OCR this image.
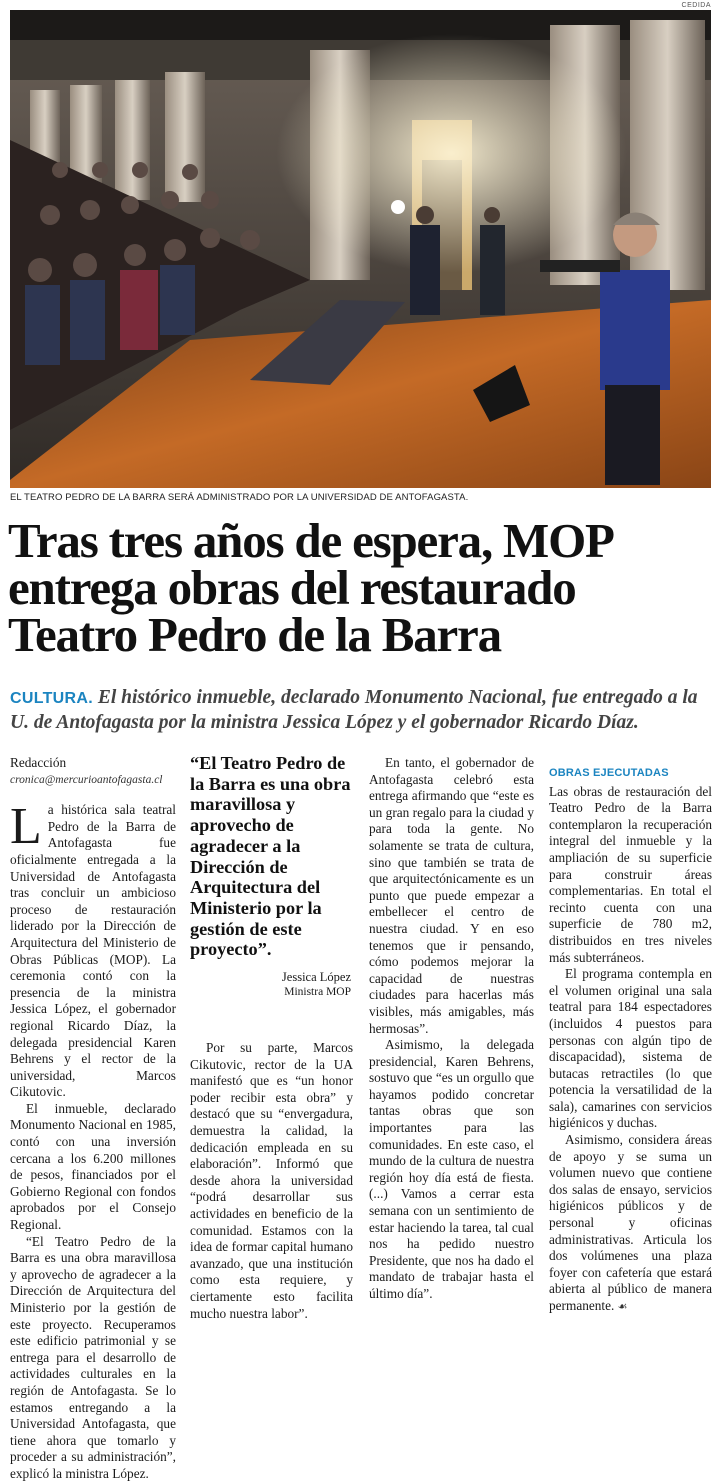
CEDIDA
EL TEATRO PEDRO DE LA BARRA SERÁ ADMINISTRADO POR LA UNIVERSIDAD DE ANTOFAGASTA.
Tras tres años de espera, MOP entrega obras del restaurado Teatro Pedro de la Barra
CULTURA. El histórico inmueble, declarado Monumento Nacional, fue entregado a la U. de Antofagasta por la ministra Jessica López y el gobernador Ricardo Díaz.
Redacción
cronica@mercurioantofagasta.cl

La histórica sala teatral Pedro de la Barra de Antofagasta fue oficialmente entregada a la Universidad de Antofagasta tras concluir un ambicioso proceso de restauración liderado por la Dirección de Arquitectura del Ministerio de Obras Públicas (MOP). La ceremonia contó con la presencia de la ministra Jessica López, el gobernador regional Ricardo Díaz, la delegada presidencial Karen Behrens y el rector de la universidad, Marcos Cikutovic.

El inmueble, declarado Monumento Nacional en 1985, contó con una inversión cercana a los 6.200 millones de pesos, financiados por el Gobierno Regional con fondos aprobados por el Consejo Regional.

“El Teatro Pedro de la Barra es una obra maravillosa y aprovecho de agradecer a la Dirección de Arquitectura del Ministerio por la gestión de este proyecto. Recuperamos este edificio patrimonial y se entrega para el desarrollo de actividades culturales en la región de Antofagasta. Se lo estamos entregando a la Universidad Antofagasta, que tiene ahora que tomarlo y proceder a su administración”, explicó la ministra López.

“El Teatro Pedro de la Barra es una obra maravillosa y aprovecho de agradecer a la Dirección de Arquitectura del Ministerio por la gestión de este proyecto”.
Jessica López
Ministra MOP

Por su parte, Marcos Cikutovic, rector de la UA manifestó que es “un honor poder recibir esta obra” y destacó que su “envergadura, demuestra la calidad, la dedicación empleada en su elaboración”. Informó que desde ahora la universidad “podrá desarrollar sus actividades en beneficio de la comunidad. Estamos con la idea de formar capital humano avanzado, que una institución como esta requiere, y ciertamente esto facilita mucho nuestra labor”.

En tanto, el gobernador de Antofagasta celebró esta entrega afirmando que “este es un gran regalo para la ciudad y para toda la gente. No solamente se trata de cultura, sino que también se trata de que arquitectónicamente es un punto que puede empezar a embellecer el centro de nuestra ciudad. Y en eso tenemos que ir pensando, cómo podemos mejorar la capacidad de nuestras ciudades para hacerlas más visibles, más amigables, más hermosas”.

Asimismo, la delegada presidencial, Karen Behrens, sostuvo que “es un orgullo que hayamos podido concretar tantas obras que son importantes para las comunidades. En este caso, el mundo de la cultura de nuestra región hoy día está de fiesta. (...) Vamos a cerrar esta semana con un sentimiento de estar haciendo la tarea, tal cual nos ha pedido nuestro Presidente, que nos ha dado el mandato de trabajar hasta el último día”.

OBRAS EJECUTADAS

Las obras de restauración del Teatro Pedro de la Barra contemplaron la recuperación integral del inmueble y la ampliación de su superficie para construir áreas complementarias. En total el recinto cuenta con una superficie de 780 m2, distribuidos en tres niveles más subterráneos.

El programa contempla en el volumen original una sala teatral para 184 espectadores (incluidos 4 puestos para personas con algún tipo de discapacidad), sistema de butacas retractiles (lo que potencia la versatilidad de la sala), camarines con servicios higiénicos y duchas.

Asimismo, considera áreas de apoyo y se suma un volumen nuevo que contiene dos salas de ensayo, servicios higiénicos públicos y de personal y oficinas administrativas. Articula los dos volúmenes una plaza foyer con cafetería que estará abierta al público de manera permanente. ☙
